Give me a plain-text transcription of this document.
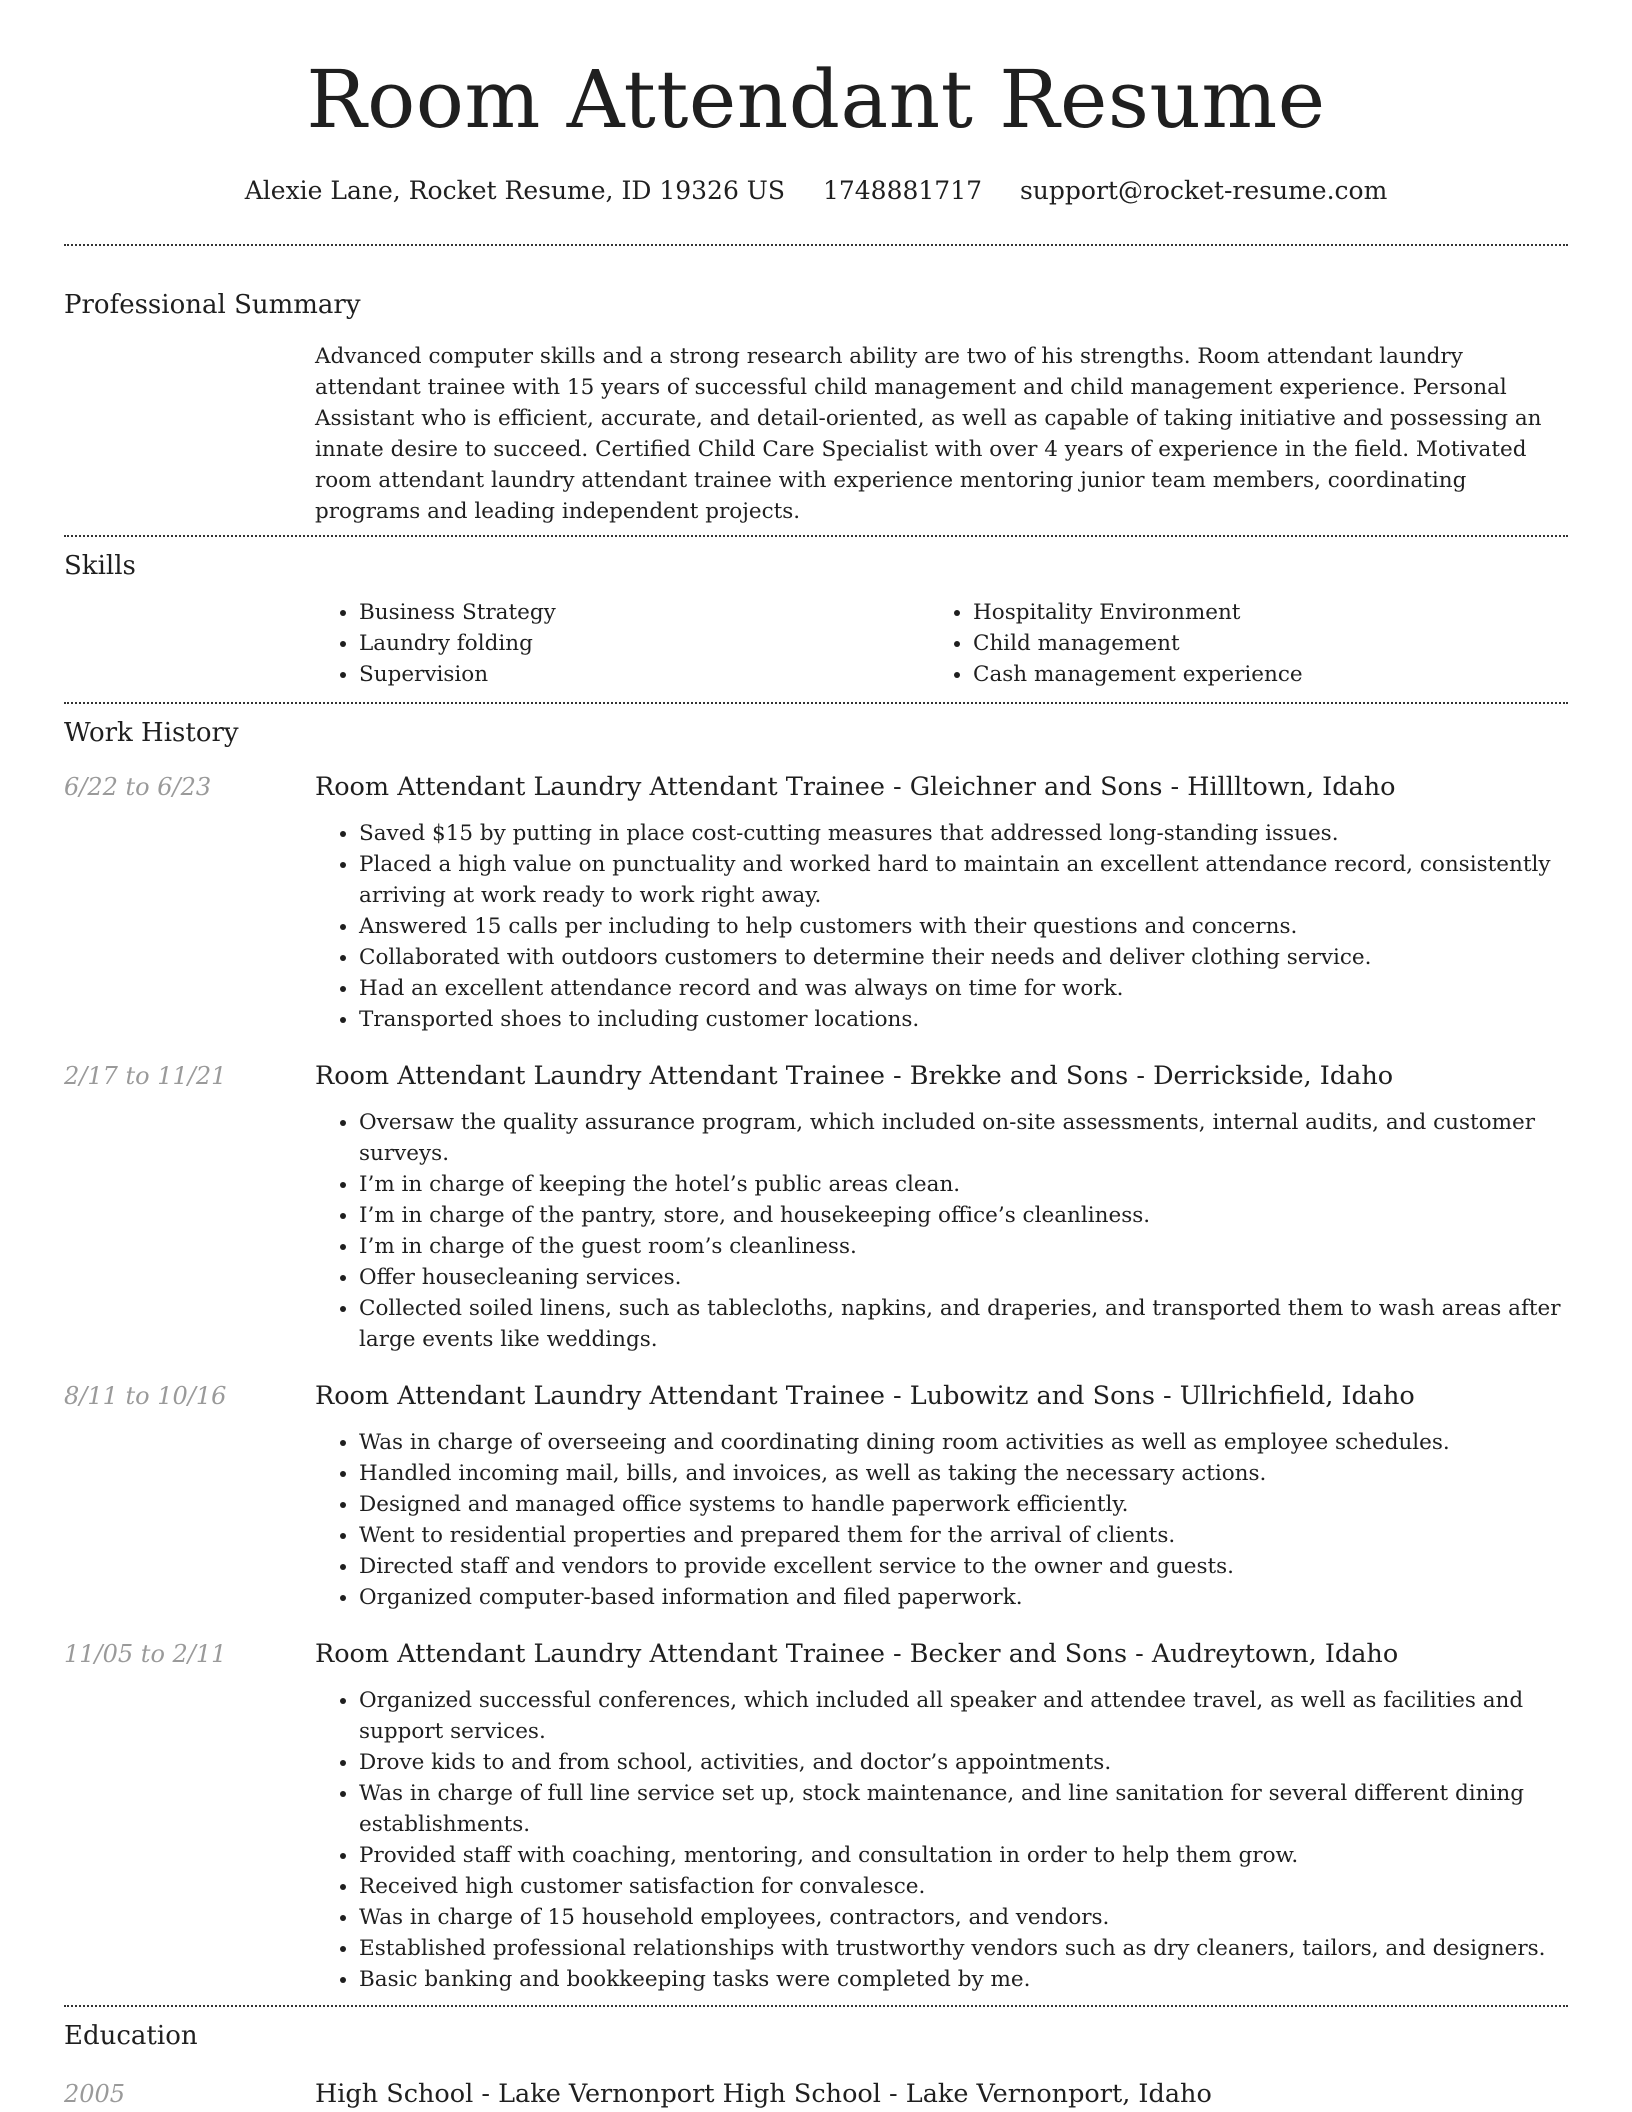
Room Attendant Resume
Alexie Lane, Rocket Resume, ID 19326 US 1748881717 support@rocket-resume.com
Professional Summary
Advanced computer skills and a strong research ability are two of his strengths. Room attendant laundry attendant trainee with 15 years of successful child management and child management experience. Personal Assistant who is efficient, accurate, and detail-oriented, as well as capable of taking initiative and possessing an innate desire to succeed. Certified Child Care Specialist with over 4 years of experience in the field. Motivated room attendant laundry attendant trainee with experience mentoring junior team members, coordinating programs and leading independent projects.
Skills
• Business Strategy
• Laundry folding
• Supervision
• Hospitality Environment
• Child management
• Cash management experience
Work History
6/22 to 6/23	Room Attendant Laundry Attendant Trainee - Gleichner and Sons - Hillltown, Idaho
• Saved $15 by putting in place cost-cutting measures that addressed long-standing issues.
• Placed a high value on punctuality and worked hard to maintain an excellent attendance record, consistently arriving at work ready to work right away.
• Answered 15 calls per including to help customers with their questions and concerns.
• Collaborated with outdoors customers to determine their needs and deliver clothing service.
• Had an excellent attendance record and was always on time for work.
• Transported shoes to including customer locations.
2/17 to 11/21	Room Attendant Laundry Attendant Trainee - Brekke and Sons - Derrickside, Idaho
• Oversaw the quality assurance program, which included on-site assessments, internal audits, and customer surveys.
• I’m in charge of keeping the hotel’s public areas clean.
• I’m in charge of the pantry, store, and housekeeping office’s cleanliness.
• I’m in charge of the guest room’s cleanliness.
• Offer housecleaning services.
• Collected soiled linens, such as tablecloths, napkins, and draperies, and transported them to wash areas after large events like weddings.
8/11 to 10/16	Room Attendant Laundry Attendant Trainee - Lubowitz and Sons - Ullrichfield, Idaho
• Was in charge of overseeing and coordinating dining room activities as well as employee schedules.
• Handled incoming mail, bills, and invoices, as well as taking the necessary actions.
• Designed and managed office systems to handle paperwork efficiently.
• Went to residential properties and prepared them for the arrival of clients.
• Directed staff and vendors to provide excellent service to the owner and guests.
• Organized computer-based information and filed paperwork.
11/05 to 2/11	Room Attendant Laundry Attendant Trainee - Becker and Sons - Audreytown, Idaho
• Organized successful conferences, which included all speaker and attendee travel, as well as facilities and support services.
• Drove kids to and from school, activities, and doctor’s appointments.
• Was in charge of full line service set up, stock maintenance, and line sanitation for several different dining establishments.
• Provided staff with coaching, mentoring, and consultation in order to help them grow.
• Received high customer satisfaction for convalesce.
• Was in charge of 15 household employees, contractors, and vendors.
• Established professional relationships with trustworthy vendors such as dry cleaners, tailors, and designers.
• Basic banking and bookkeeping tasks were completed by me.
Education
2005	High School - Lake Vernonport High School - Lake Vernonport, Idaho
